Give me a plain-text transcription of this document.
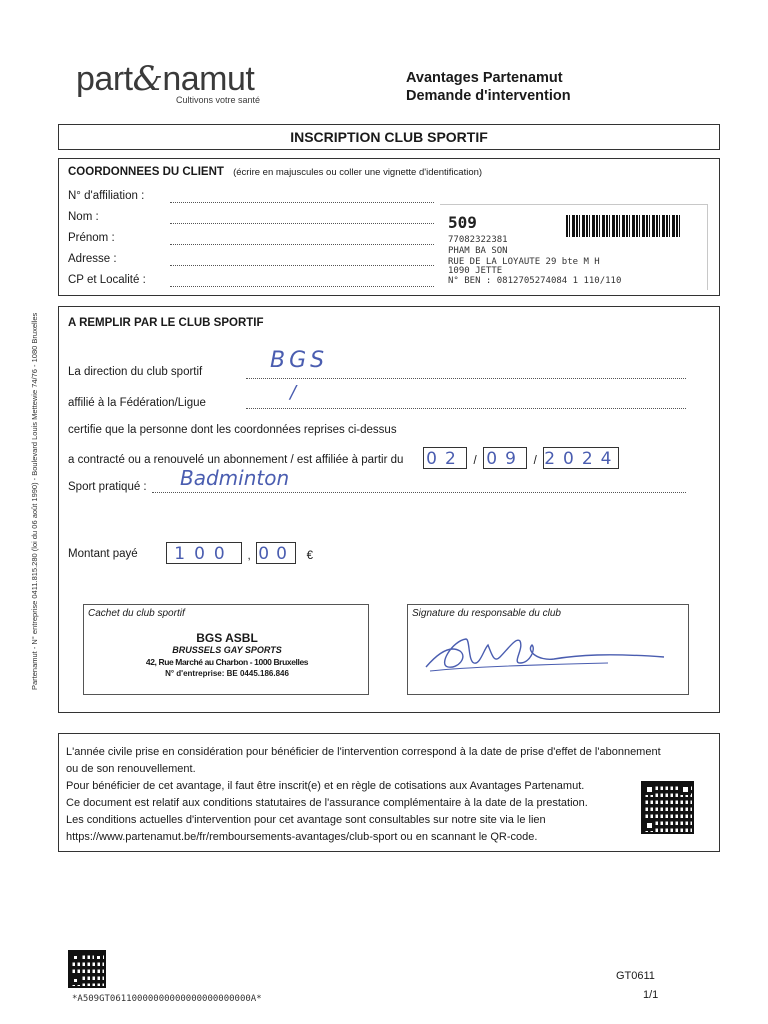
part&namut
Cultivons votre santé
Avantages Partenamut
Demande d'intervention
INSCRIPTION CLUB SPORTIF
COORDONNEES DU CLIENT (écrire en majuscules ou coller une vignette d'identification)
N° d'affiliation :
Nom :
Prénom :
Adresse :
CP et Localité :
509
77082322381
PHAM BA SON
RUE DE LA LOYAUTE 29 bte M H
1090 JETTE
N° BEN : 0812705274084 1 110/110
A REMPLIR PAR LE CLUB SPORTIF
La direction du club sportif	BGS
affilié à la Fédération/Ligue	/
certifie que la personne dont les coordonnées reprises ci-dessus
a contracté ou a renouvelé un abonnement / est affiliée à partir du 02 / 09 / 2024
Sport pratiqué : Badminton
Montant payé	100 , 00 €
Cachet du club sportif
BGS ASBL
BRUSSELS GAY SPORTS
42, Rue Marché au Charbon - 1000 Bruxelles
N° d'entreprise: BE 0445.186.846
Signature du responsable du club
L'année civile prise en considération pour bénéficier de l'intervention correspond à la date de prise d'effet de l'abonnement
ou de son renouvellement.
Pour bénéficier de cet avantage, il faut être inscrit(e) et en règle de cotisations aux Avantages Partenamut.
Ce document est relatif aux conditions statutaires de l'assurance complémentaire à la date de la prestation.
Les conditions actuelles d'intervention pour cet avantage sont consultables sur notre site via le lien
https://www.partenamut.be/fr/remboursements-avantages/club-sport ou en scannant le QR-code.
Partenamut - N° entreprise 0411.815.280 (loi du 06 août 1990) - Boulevard Louis Mettewie 74/76 - 1080 Bruxelles
*A509GT06110000000000000000000000A*
GT0611
1/1
